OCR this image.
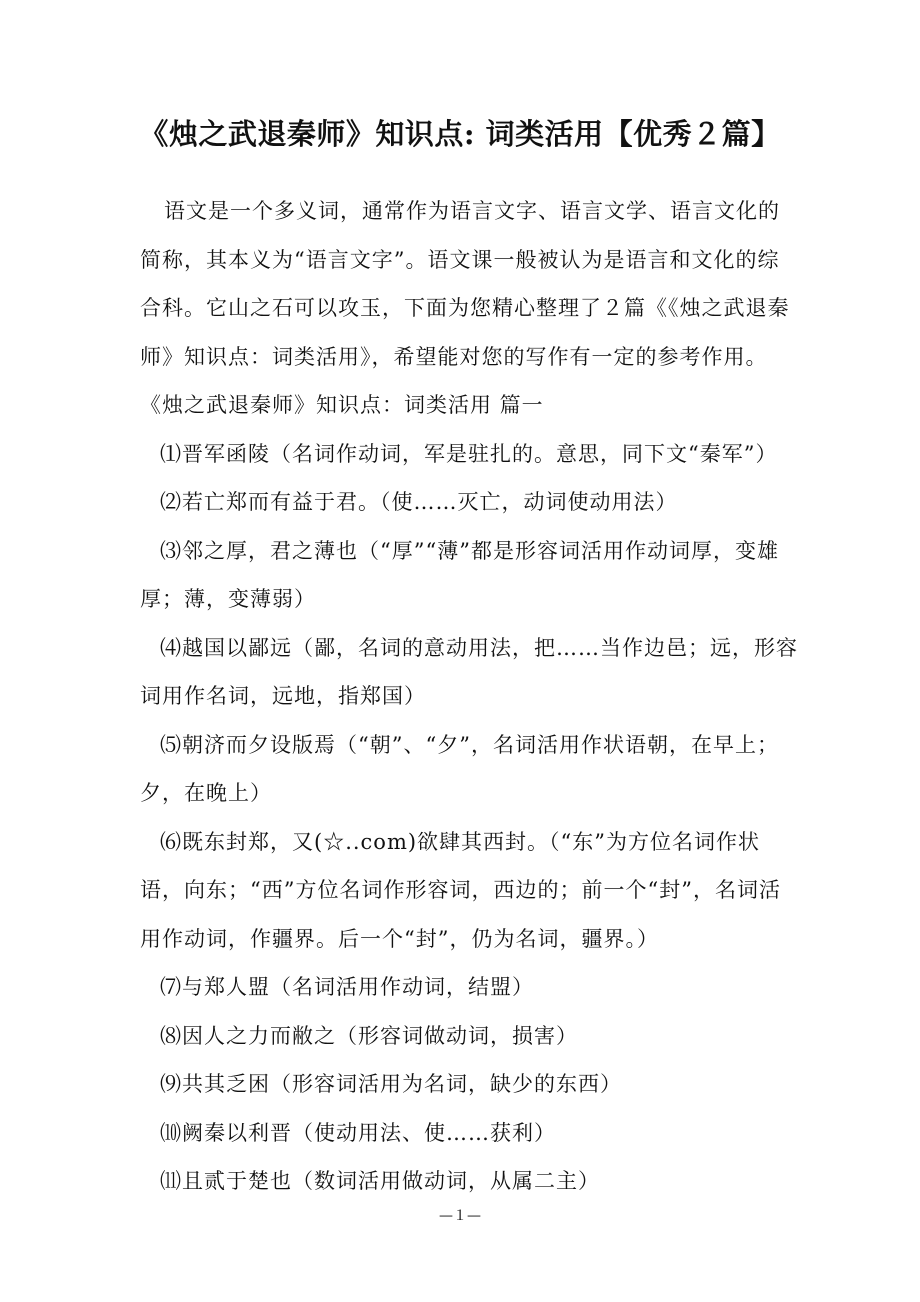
《烛之武退秦师》知识点: 词类活用【优秀２篇】

语文是一个多义词，通常作为语言文字、语言文学、语言文化的简称，其本义为“语言文字”。语文课一般被认为是语言和文化的综合科。它山之石可以攻玉，下面为您精心整理了２篇《《烛之武退秦师》知识点：词类活用》，希望能对您的写作有一定的参考作用。

《烛之武退秦师》知识点：词类活用 篇一

⑴晋军函陵（名词作动词，军是驻扎的。意思，同下文“秦军”）

⑵若亡郑而有益于君。（使……灭亡，动词使动用法）

⑶邻之厚，君之薄也（“厚”“薄”都是形容词活用作动词厚，变雄厚；薄，变薄弱）

⑷越国以鄙远（鄙，名词的意动用法，把……当作边邑；远，形容词用作名词，远地，指郑国）

⑸朝济而夕设版焉（“朝”、“夕”，名词活用作状语朝，在早上；夕，在晚上）

⑹既东封郑，又(☆..com)欲肆其西封。（“东”为方位名词作状语，向东；“西”方位名词作形容词，西边的；前一个“封”，名词活用作动词，作疆界。后一个“封”，仍为名词，疆界。）

⑺与郑人盟（名词活用作动词，结盟）

⑻因人之力而敝之（形容词做动词，损害）

⑼共其乏困（形容词活用为名词，缺少的东西）

⑽阙秦以利晋（使动用法、使……获利）

⑾且贰于楚也（数词活用做动词，从属二主）

—１—
